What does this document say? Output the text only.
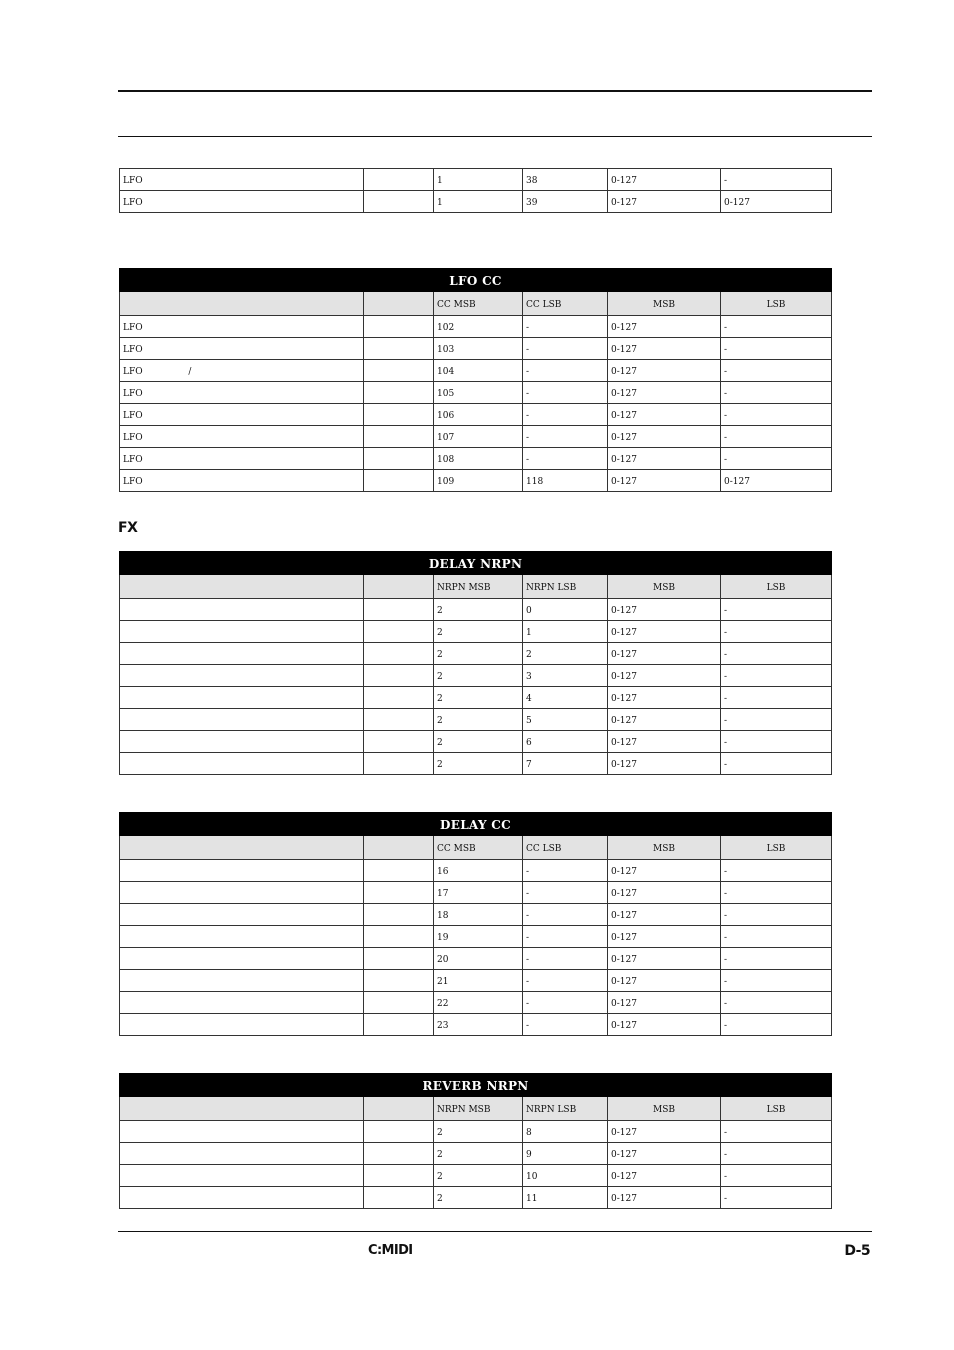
LFO		1	38	0-127	-
LFO		1	39	0-127	0-127
LFO CC					
		CC MSB	CC LSB	MSB	LSB
LFO		102	-	0-127	-
LFO		103	-	0-127	-
LFO                /		104	-	0-127	-
LFO		105	-	0-127	-
LFO		106	-	0-127	-
LFO		107	-	0-127	-
LFO		108	-	0-127	-
LFO		109	118	0-127	0-127
FX
DELAY NRPN					
		NRPN MSB	NRPN LSB	MSB	LSB
		2	0	0-127	-
		2	1	0-127	-
		2	2	0-127	-
		2	3	0-127	-
		2	4	0-127	-
		2	5	0-127	-
		2	6	0-127	-
		2	7	0-127	-
DELAY CC					
		CC MSB	CC LSB	MSB	LSB
		16	-	0-127	-
		17	-	0-127	-
		18	-	0-127	-
		19	-	0-127	-
		20	-	0-127	-
		21	-	0-127	-
		22	-	0-127	-
		23	-	0-127	-
REVERB NRPN					
		NRPN MSB	NRPN LSB	MSB	LSB
		2	8	0-127	-
		2	9	0-127	-
		2	10	0-127	-
		2	11	0-127	-
C:MIDI	D-5
